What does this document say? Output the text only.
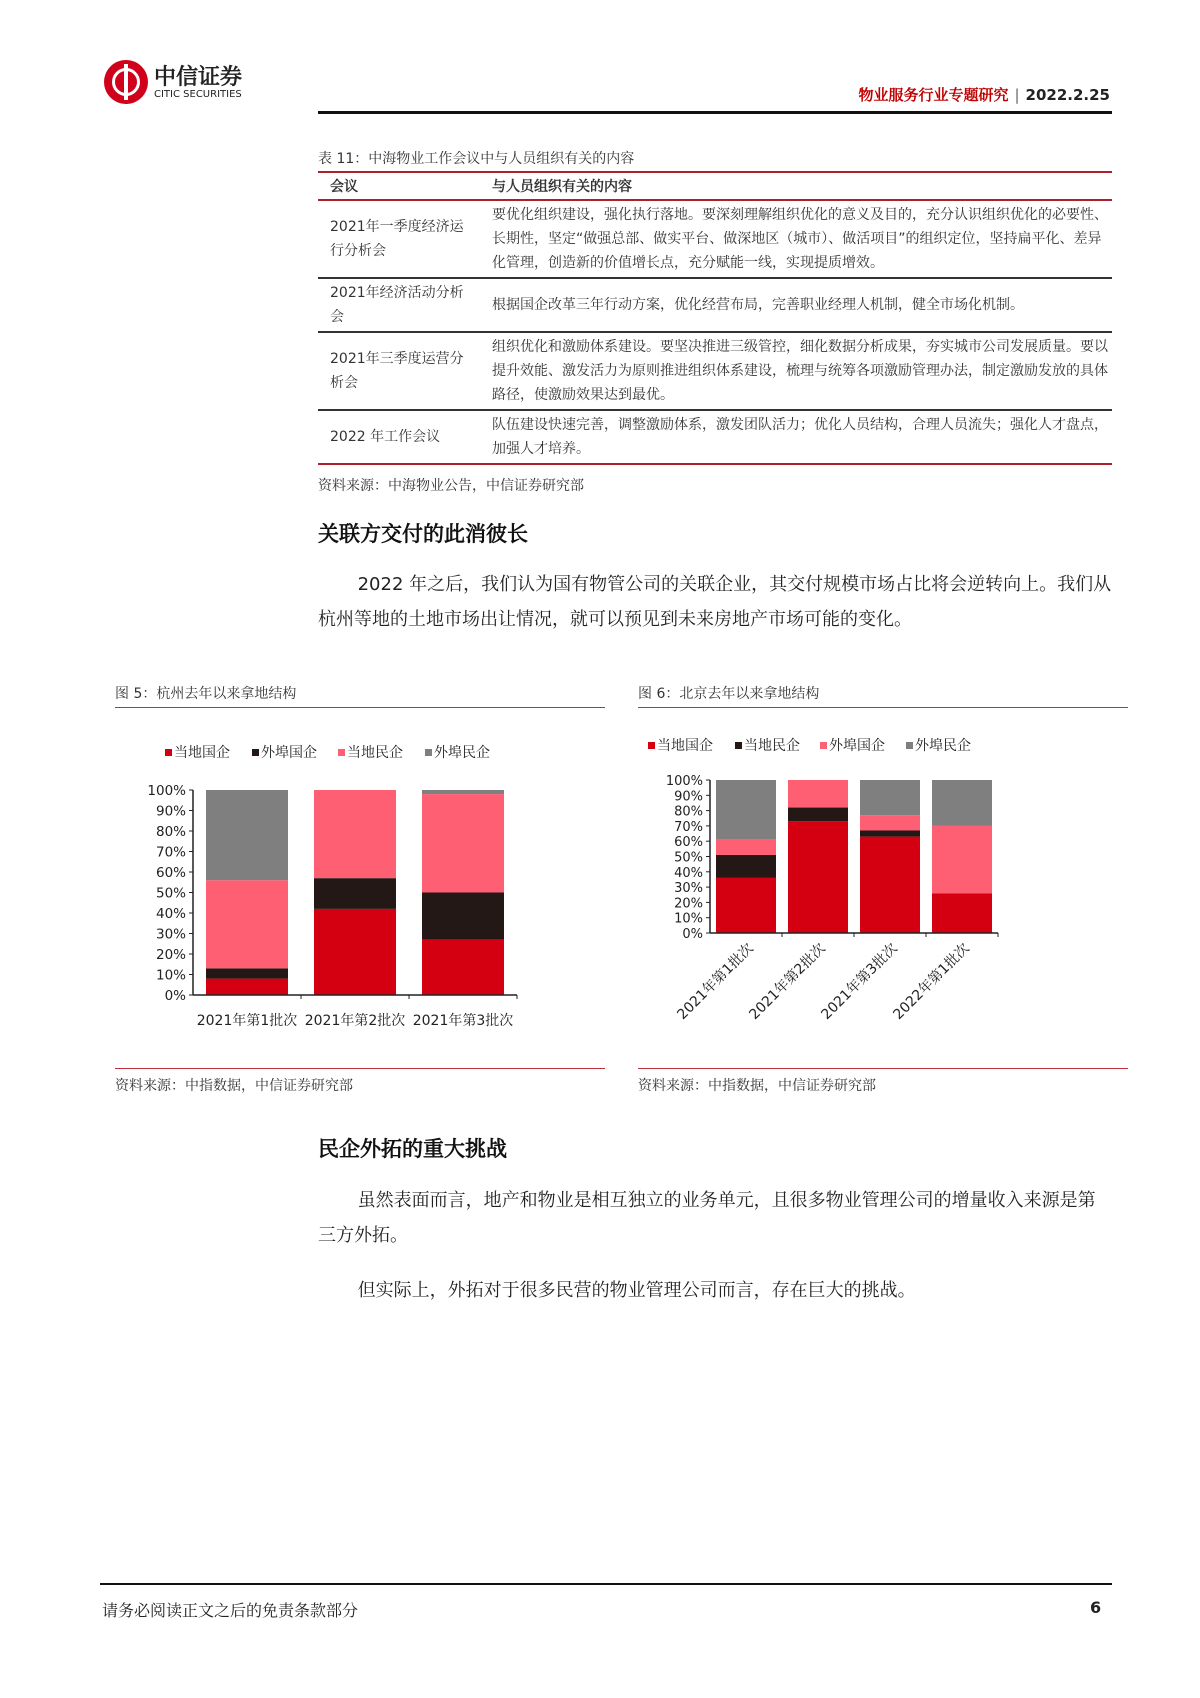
中信证券
CITIC SECURITIES	物业服务行业专题研究 | 2022.2.25
表 11：中海物业工作会议中与人员组织有关的内容
会议	与人员组织有关的内容
2021年一季度经济运行分析会	要优化组织建设，强化执行落地。要深刻理解组织优化的意义及目的，充分认识组织优化的必要性、长期性，坚定“做强总部、做实平台、做深地区（城市）、做活项目”的组织定位，坚持扁平化、差异化管理，创造新的价值增长点，充分赋能一线，实现提质增效。
2021年经济活动分析会	根据国企改革三年行动方案，优化经营布局，完善职业经理人机制，健全市场化机制。
2021年三季度运营分析会	组织优化和激励体系建设。要坚决推进三级管控，细化数据分析成果，夯实城市公司发展质量。要以提升效能、激发活力为原则推进组织体系建设，梳理与统筹各项激励管理办法，制定激励发放的具体路径，使激励效果达到最优。
2022 年工作会议	队伍建设快速完善，调整激励体系，激发团队活力；优化人员结构，合理人员流失；强化人才盘点，加强人才培养。
资料来源：中海物业公告，中信证券研究部
关联方交付的此消彼长

2022 年之后，我们认为国有物管公司的关联企业，其交付规模市场占比将会逆转向上。我们从杭州等地的土地市场出让情况，就可以预见到未来房地产市场可能的变化。

图 5：杭州去年以来拿地结构	图 6：北京去年以来拿地结构
当地国企 外埠国企 当地民企 外埠民企
0%
10%
20%
30%
40%
50%
60%
70%
80%
90%
100%
2021年第1批次 2021年第2批次 2021年第3批次
当地国企 当地民企 外埠国企 外埠民企
0%
10%
20%
30%
40%
50%
60%
70%
80%
90%
100%
2021年第1批次
2021年第2批次
2021年第3批次
2022年第1批次
资料来源：中指数据，中信证券研究部	资料来源：中指数据，中信证券研究部
民企外拓的重大挑战

虽然表面而言，地产和物业是相互独立的业务单元，且很多物业管理公司的增量收入来源是第三方外拓。

但实际上，外拓对于很多民营的物业管理公司而言，存在巨大的挑战。

请务必阅读正文之后的免责条款部分	6
